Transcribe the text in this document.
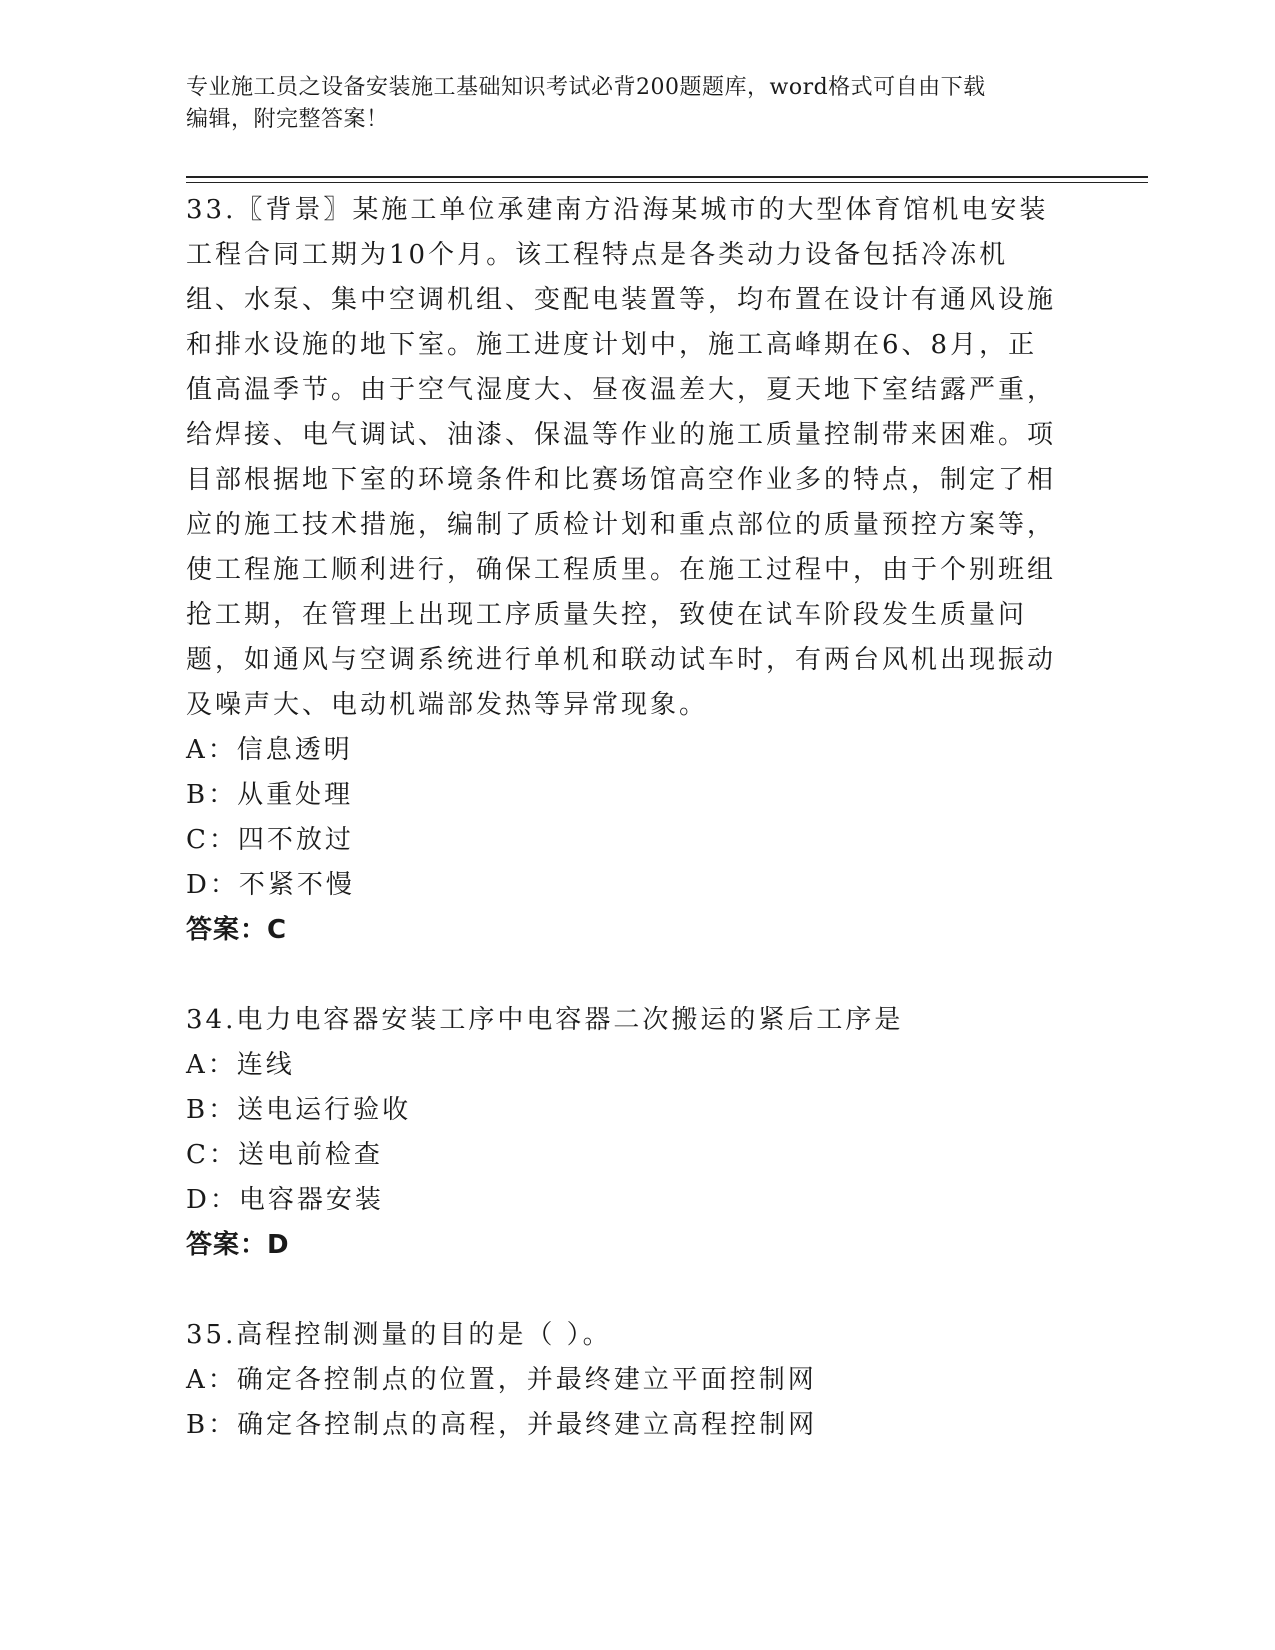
专业施工员之设备安装施工基础知识考试必背200题题库，word格式可自由下载
编辑，附完整答案！

33.〖背景〗某施工单位承建南方沿海某城市的大型体育馆机电安装工程合同工期为10个月。该工程特点是各类动力设备包括冷冻机组、水泵、集中空调机组、变配电装置等，均布置在设计有通风设施和排水设施的地下室。施工进度计划中，施工高峰期在6、8月，正值高温季节。由于空气湿度大、昼夜温差大，夏天地下室结露严重，给焊接、电气调试、油漆、保温等作业的施工质量控制带来困难。项目部根据地下室的环境条件和比赛场馆高空作业多的特点，制定了相应的施工技术措施，编制了质检计划和重点部位的质量预控方案等，使工程施工顺利进行，确保工程质里。在施工过程中，由于个别班组抢工期，在管理上出现工序质量失控，致使在试车阶段发生质量问题，如通风与空调系统进行单机和联动试车时，有两台风机出现振动及噪声大、电动机端部发热等异常现象。

A：信息透明

B：从重处理

C：四不放过

D：不紧不慢

答案：C

34.电力电容器安装工序中电容器二次搬运的紧后工序是

A：连线

B：送电运行验收

C：送电前检查

D：电容器安装

答案：D

35.高程控制测量的目的是（ ）。

A：确定各控制点的位置，并最终建立平面控制网

B：确定各控制点的高程，并最终建立高程控制网
